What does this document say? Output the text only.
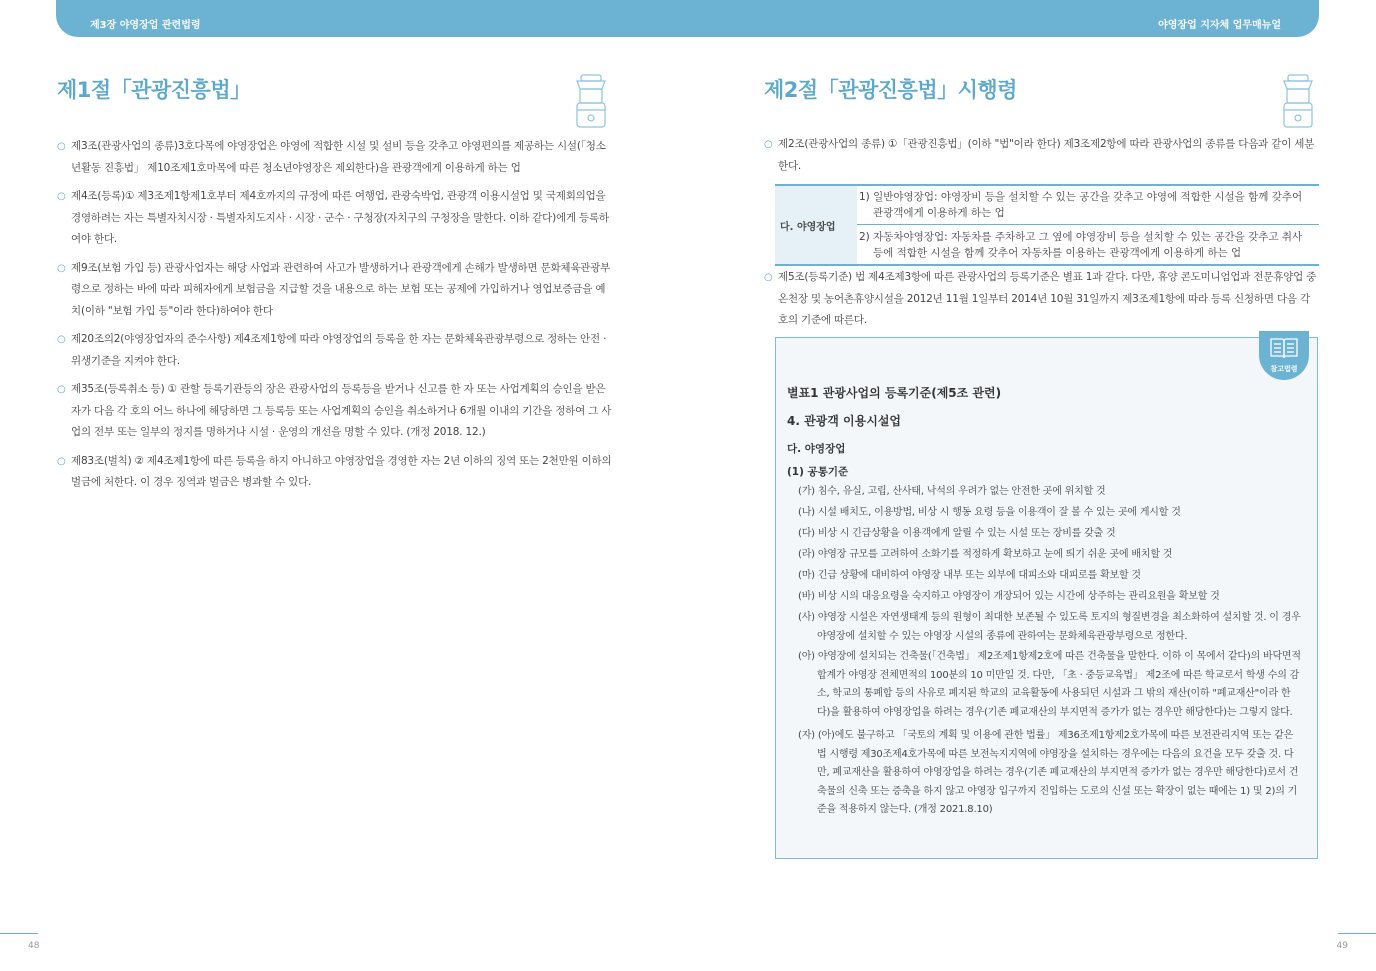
제3장 야영장업 관련법령	야영장업 지자체 업무매뉴얼
제1절「관광진흥법」
○ 제3조(관광사업의 종류)3호다목에 야영장업은 야영에 적합한 시설 및 설비 등을 갖추고 야영편의를 제공하는 시설(「청소년활동 진흥법」 제10조제1호마목에 따른 청소년야영장은 제외한다)을 관광객에게 이용하게 하는 업
○ 제4조(등록)① 제3조제1항제1호부터 제4호까지의 규정에 따른 여행업, 관광숙박업, 관광객 이용시설업 및 국제회의업을 경영하려는 자는 특별자치시장 · 특별자치도지사 · 시장 · 군수 · 구청장(자치구의 구청장을 말한다. 이하 같다)에게 등록하여야 한다.
○ 제9조(보험 가입 등) 관광사업자는 해당 사업과 관련하여 사고가 발생하거나 관광객에게 손해가 발생하면 문화체육관광부령으로 정하는 바에 따라 피해자에게 보험금을 지급할 것을 내용으로 하는 보험 또는 공제에 가입하거나 영업보증금을 예치(이하 "보험 가입 등"이라 한다)하여야 한다
○ 제20조의2(야영장업자의 준수사항) 제4조제1항에 따라 야영장업의 등록을 한 자는 문화체육관광부령으로 정하는 안전 · 위생기준을 지켜야 한다.
○ 제35조(등록취소 등) ① 관할 등록기관등의 장은 관광사업의 등록등을 받거나 신고를 한 자 또는 사업계획의 승인을 받은 자가 다음 각 호의 어느 하나에 해당하면 그 등록등 또는 사업계획의 승인을 취소하거나 6개월 이내의 기간을 정하여 그 사업의 전부 또는 일부의 정지를 명하거나 시설 · 운영의 개선을 명할 수 있다. (개정 2018. 12.)
○ 제83조(벌칙) ② 제4조제1항에 따른 등록을 하지 아니하고 야영장업을 경영한 자는 2년 이하의 징역 또는 2천만원 이하의 벌금에 처한다. 이 경우 징역과 벌금은 병과할 수 있다.
제2절「관광진흥법」시행령
○ 제2조(관광사업의 종류) ①「관광진흥법」(이하 "법"이라 한다) 제3조제2항에 따라 관광사업의 종류를 다음과 같이 세분한다.
다. 야영장업	
1) 일반야영장업: 야영장비 등을 설치할 수 있는 공간을 갖추고 야영에 적합한 시설을 함께 갖추어 관광객에게 이용하게 하는 업

2) 자동차야영장업: 자동차를 주차하고 그 옆에 야영장비 등을 설치할 수 있는 공간을 갖추고 취사 등에 적합한 시설을 함께 갖추어 자동차를 이용하는 관광객에게 이용하게 하는 업
○ 제5조(등록기준) 법 제4조제3항에 따른 관광사업의 등록기준은 별표 1과 같다. 다만, 휴양 콘도미니엄업과 전문휴양업 중 온천장 및 농어촌휴양시설을 2012년 11월 1일부터 2014년 10월 31일까지 제3조제1항에 따라 등록 신청하면 다음 각 호의 기준에 따른다.
별표1 관광사업의 등록기준(제5조 관련)
4. 관광객 이용시설업
다. 야영장업
(1) 공통기준
(가) 침수, 유실, 고립, 산사태, 낙석의 우려가 없는 안전한 곳에 위치할 것
(나) 시설 배치도, 이용방법, 비상 시 행동 요령 등을 이용객이 잘 볼 수 있는 곳에 게시할 것
(다) 비상 시 긴급상황을 이용객에게 알릴 수 있는 시설 또는 장비를 갖출 것
(라) 야영장 규모를 고려하여 소화기를 적정하게 확보하고 눈에 띄기 쉬운 곳에 배치할 것
(마) 긴급 상황에 대비하여 야영장 내부 또는 외부에 대피소와 대피로를 확보할 것
(바) 비상 시의 대응요령을 숙지하고 야영장이 개장되어 있는 시간에 상주하는 관리요원을 확보할 것
(사) 야영장 시설은 자연생태계 등의 원형이 최대한 보존될 수 있도록 토지의 형질변경을 최소화하여 설치할 것. 이 경우 야영장에 설치할 수 있는 야영장 시설의 종류에 관하여는 문화체육관광부령으로 정한다.
(아) 야영장에 설치되는 건축물(「건축법」 제2조제1항제2호에 따른 건축물을 말한다. 이하 이 목에서 같다)의 바닥면적 합계가 야영장 전체면적의 100분의 10 미만일 것. 다만, 「초 · 중등교육법」 제2조에 따른 학교로서 학생 수의 감소, 학교의 통폐합 등의 사유로 폐지된 학교의 교육활동에 사용되던 시설과 그 밖의 재산(이하 "폐교재산"이라 한다)을 활용하여 야영장업을 하려는 경우(기존 폐교재산의 부지면적 증가가 없는 경우만 해당한다)는 그렇지 않다.
(자) (아)에도 불구하고 「국토의 계획 및 이용에 관한 법률」 제36조제1항제2호가목에 따른 보전관리지역 또는 같은 법 시행령 제30조제4호가목에 따른 보전녹지지역에 야영장을 설치하는 경우에는 다음의 요건을 모두 갖출 것. 다만, 폐교재산을 활용하여 야영장업을 하려는 경우(기존 폐교재산의 부지면적 증가가 없는 경우만 해당한다)로서 건축물의 신축 또는 증축을 하지 않고 야영장 입구까지 진입하는 도로의 신설 또는 확장이 없는 때에는 1) 및 2)의 기준을 적용하지 않는다. (개정 2021.8.10)
참고법령
48	49
